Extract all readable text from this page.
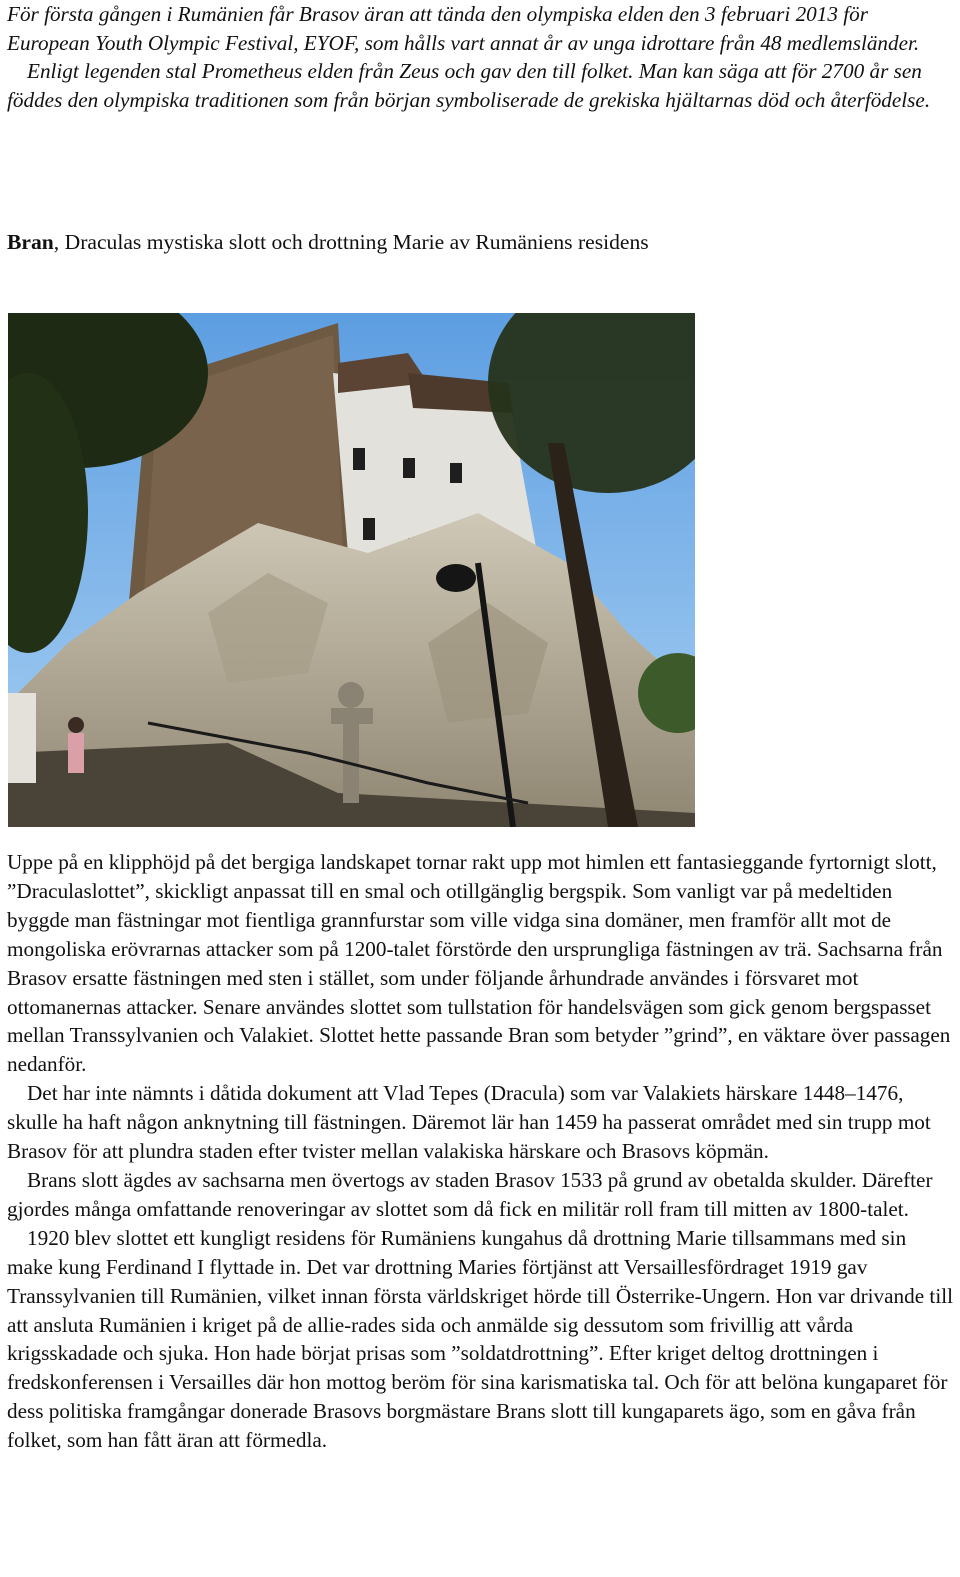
För första gången i Rumänien får Brasov äran att tända den olympiska elden den 3 februari 2013 för European Youth Olympic Festival, EYOF, som hålls vart annat år av unga idrottare från 48 medlemsländer.

Enligt legenden stal Prometheus elden från Zeus och gav den till folket. Man kan säga att för 2700 år sen föddes den olympiska traditionen som från början symboliserade de grekiska hjältarnas död och återfödelse.

Bran, Draculas mystiska slott och drottning Marie av Rumäniens residens

Uppe på en klipphöjd på det bergiga landskapet tornar rakt upp mot himlen ett fantasieggande fyrtornigt slott, ”Draculaslottet”, skickligt anpassat till en smal och otillgänglig bergspik. Som vanligt var på medeltiden byggde man fästningar mot fientliga grannfurstar som ville vidga sina domäner, men framför allt mot de mongoliska erövrarnas attacker som på 1200-talet förstörde den ursprungliga fästningen av trä. Sachsarna från Brasov ersatte fästningen med sten i stället, som under följande århundrade användes i försvaret mot ottomanernas attacker. Senare användes slottet som tullstation för handelsvägen som gick genom bergspasset mellan Transsylvanien och Valakiet. Slottet hette passande Bran som betyder ”grind”, en väktare över passagen nedanför.

Det har inte nämnts i dåtida dokument att Vlad Tepes (Dracula) som var Valakiets härskare 1448–1476, skulle ha haft någon anknytning till fästningen. Däremot lär han 1459 ha passerat området med sin trupp mot Brasov för att plundra staden efter tvister mellan valakiska härskare och Brasovs köpmän.

Brans slott ägdes av sachsarna men övertogs av staden Brasov 1533 på grund av obetalda skulder. Därefter gjordes många omfattande renoveringar av slottet som då fick en militär roll fram till mitten av 1800-talet.

1920 blev slottet ett kungligt residens för Rumäniens kungahus då drottning Marie tillsammans med sin make kung Ferdinand I flyttade in. Det var drottning Maries förtjänst att Versaillesfördraget 1919 gav Transsylvanien till Rumänien, vilket innan första världskriget hörde till Österrike-Ungern. Hon var drivande till att ansluta Rumänien i kriget på de allie-rades sida och anmälde sig dessutom som frivillig att vårda krigsskadade och sjuka. Hon hade börjat prisas som ”soldatdrottning”. Efter kriget deltog drottningen i fredskonferensen i Versailles där hon mottog beröm för sina karismatiska tal. Och för att belöna kungaparet för dess politiska framgångar donerade Brasovs borgmästare Brans slott till kungaparets ägo, som en gåva från folket, som han fått äran att förmedla.
